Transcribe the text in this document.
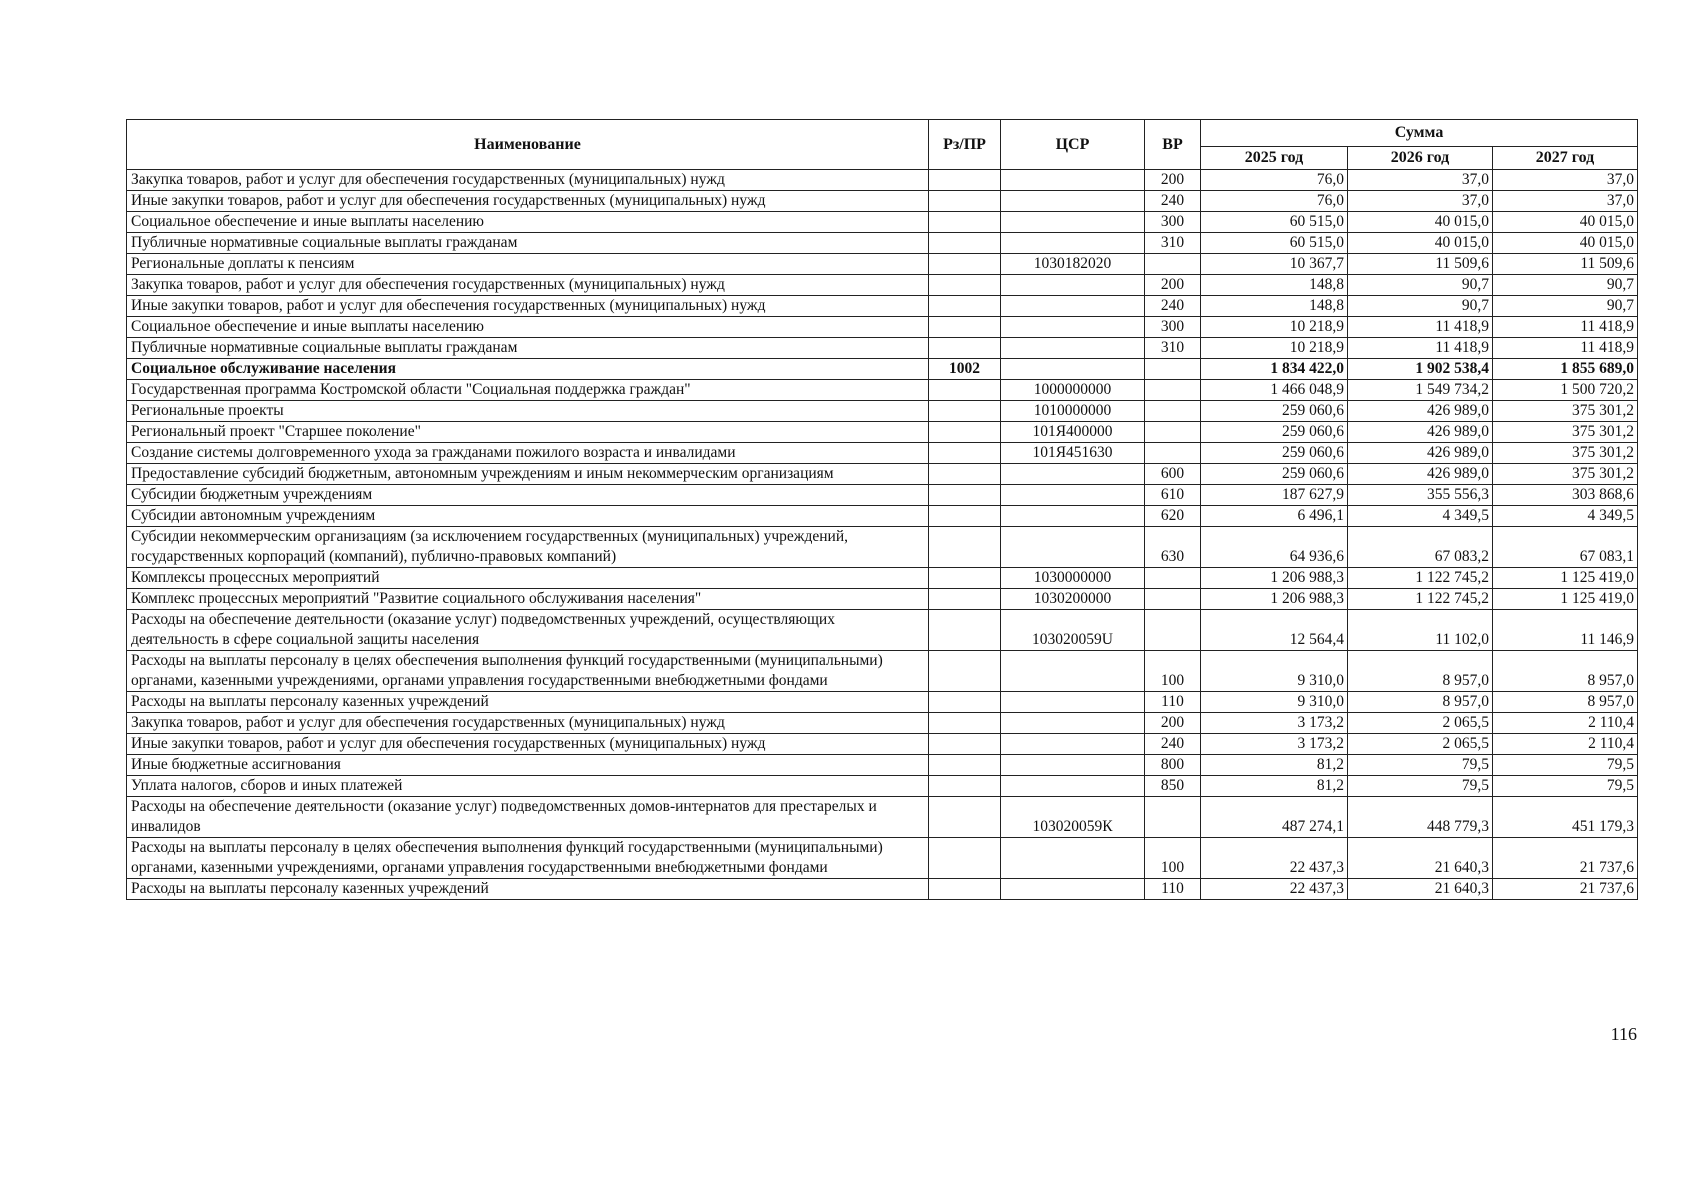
Наименование	Рз/ПР	ЦСР	ВР	Сумма		
				2025 год	2026 год	2027 год
Закупка товаров, работ и услуг для обеспечения государственных (муниципальных) нужд			200	76,0	37,0	37,0
Иные закупки товаров, работ и услуг для обеспечения государственных (муниципальных) нужд			240	76,0	37,0	37,0
Социальное обеспечение и иные выплаты населению			300	60 515,0	40 015,0	40 015,0
Публичные нормативные социальные выплаты гражданам			310	60 515,0	40 015,0	40 015,0
Региональные доплаты к пенсиям		1030182020		10 367,7	11 509,6	11 509,6
Закупка товаров, работ и услуг для обеспечения государственных (муниципальных) нужд			200	148,8	90,7	90,7
Иные закупки товаров, работ и услуг для обеспечения государственных (муниципальных) нужд			240	148,8	90,7	90,7
Социальное обеспечение и иные выплаты населению			300	10 218,9	11 418,9	11 418,9
Публичные нормативные социальные выплаты гражданам			310	10 218,9	11 418,9	11 418,9
Социальное обслуживание населения	1002			1 834 422,0	1 902 538,4	1 855 689,0
Государственная программа Костромской области "Социальная поддержка граждан"		1000000000		1 466 048,9	1 549 734,2	1 500 720,2
Региональные проекты		1010000000		259 060,6	426 989,0	375 301,2
Региональный проект "Старшее поколение"		101Я400000		259 060,6	426 989,0	375 301,2
Создание системы долговременного ухода за гражданами пожилого возраста и инвалидами		101Я451630		259 060,6	426 989,0	375 301,2
Предоставление субсидий бюджетным, автономным учреждениям и иным некоммерческим организациям			600	259 060,6	426 989,0	375 301,2
Субсидии бюджетным учреждениям			610	187 627,9	355 556,3	303 868,6
Субсидии автономным учреждениям			620	6 496,1	4 349,5	4 349,5
Субсидии некоммерческим организациям (за исключением государственных (муниципальных) учреждений, государственных корпораций (компаний), публично-правовых компаний)			630	64 936,6	67 083,2	67 083,1
Комплексы процессных мероприятий		1030000000		1 206 988,3	1 122 745,2	1 125 419,0
Комплекс процессных мероприятий "Развитие социального обслуживания населения"		1030200000		1 206 988,3	1 122 745,2	1 125 419,0
Расходы на обеспечение деятельности (оказание услуг) подведомственных учреждений, осуществляющих деятельность в сфере социальной защиты населения		103020059U		12 564,4	11 102,0	11 146,9
Расходы на выплаты персоналу в целях обеспечения выполнения функций государственными (муниципальными) органами, казенными учреждениями, органами управления государственными внебюджетными фондами			100	9 310,0	8 957,0	8 957,0
Расходы на выплаты персоналу казенных учреждений			110	9 310,0	8 957,0	8 957,0
Закупка товаров, работ и услуг для обеспечения государственных (муниципальных) нужд			200	3 173,2	2 065,5	2 110,4
Иные закупки товаров, работ и услуг для обеспечения государственных (муниципальных) нужд			240	3 173,2	2 065,5	2 110,4
Иные бюджетные ассигнования			800	81,2	79,5	79,5
Уплата налогов, сборов и иных платежей			850	81,2	79,5	79,5
Расходы на обеспечение деятельности (оказание услуг) подведомственных домов-интернатов для престарелых и инвалидов		103020059К		487 274,1	448 779,3	451 179,3
Расходы на выплаты персоналу в целях обеспечения выполнения функций государственными (муниципальными) органами, казенными учреждениями, органами управления государственными внебюджетными фондами			100	22 437,3	21 640,3	21 737,6
Расходы на выплаты персоналу казенных учреждений			110	22 437,3	21 640,3	21 737,6
116
